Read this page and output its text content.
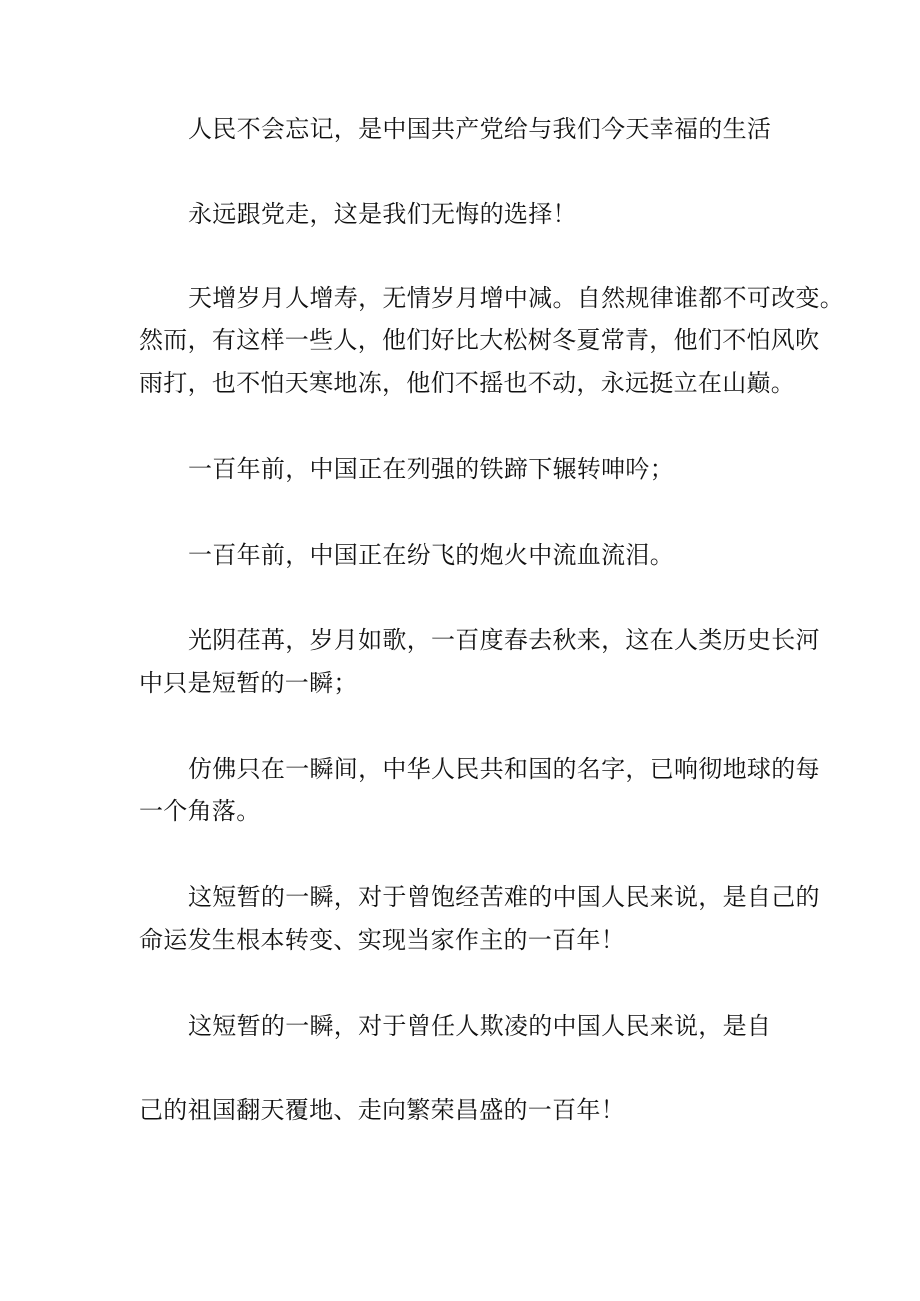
人民不会忘记，是中国共产党给与我们今天幸福的生活
永远跟党走，这是我们无悔的选择！
天增岁月人增寿，无情岁月增中减。自然规律谁都不可改变。
然而，有这样一些人，他们好比大松树冬夏常青，他们不怕风吹
雨打，也不怕天寒地冻，他们不摇也不动，永远挺立在山巅。
一百年前，中国正在列强的铁蹄下辗转呻吟；
一百年前，中国正在纷飞的炮火中流血流泪。
光阴荏苒，岁月如歌，一百度春去秋来，这在人类历史长河
中只是短暂的一瞬；
仿佛只在一瞬间，中华人民共和国的名字，已响彻地球的每
一个角落。
这短暂的一瞬，对于曾饱经苦难的中国人民来说，是自己的
命运发生根本转变、实现当家作主的一百年！
这短暂的一瞬，对于曾任人欺凌的中国人民来说，是自
己的祖国翻天覆地、走向繁荣昌盛的一百年！
